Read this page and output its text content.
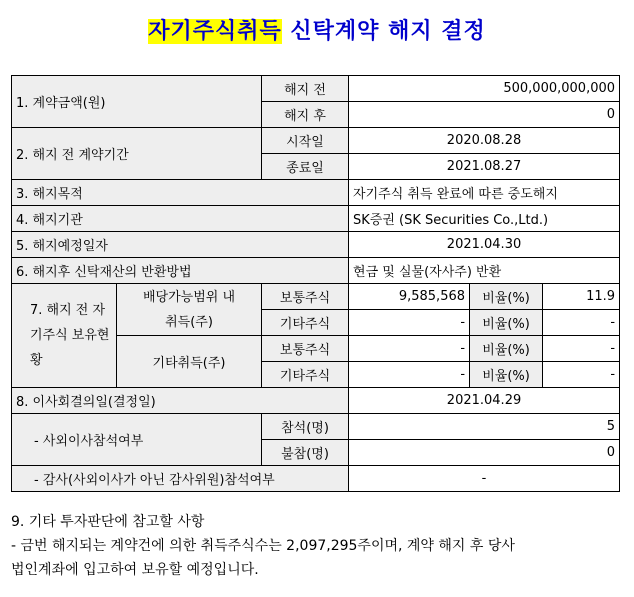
자기주식취득 신탁계약 해지 결정
1. 계약금액(원)		해지 전	500,000,000,000		
		해지 후	0		
2. 해지 전 계약기간		시작일	2020.08.28		
		종료일	2021.08.27		
3. 해지목적			자기주식 취득 완료에 따른 중도해지		
4. 해지기관			SK증권 (SK Securities Co.,Ltd.)		
5. 해지예정일자			2021.04.30		
6. 해지후 신탁재산의 반환방법			현금 및 실물(자사주) 반환		
7. 해지 전 자기주식 보유현황	배당가능범위 내 취득(주)	보통주식	9,585,568	비율(%)	11.9
		기타주식	-	비율(%)	-
	기타취득(주)	보통주식	-	비율(%)	-
		기타주식	-	비율(%)	-
8. 이사회결의일(결정일)			2021.04.29		
- 사외이사참석여부		참석(명)	5		
		불참(명)	0		
- 감사(사외이사가 아닌 감사위원)참석여부			-		
9. 기타 투자판단에 참고할 사항
- 금번 해지되는 계약건에 의한 취득주식수는 2,097,295주이며, 계약 해지 후 당사
법인계좌에 입고하여 보유할 예정입니다.
